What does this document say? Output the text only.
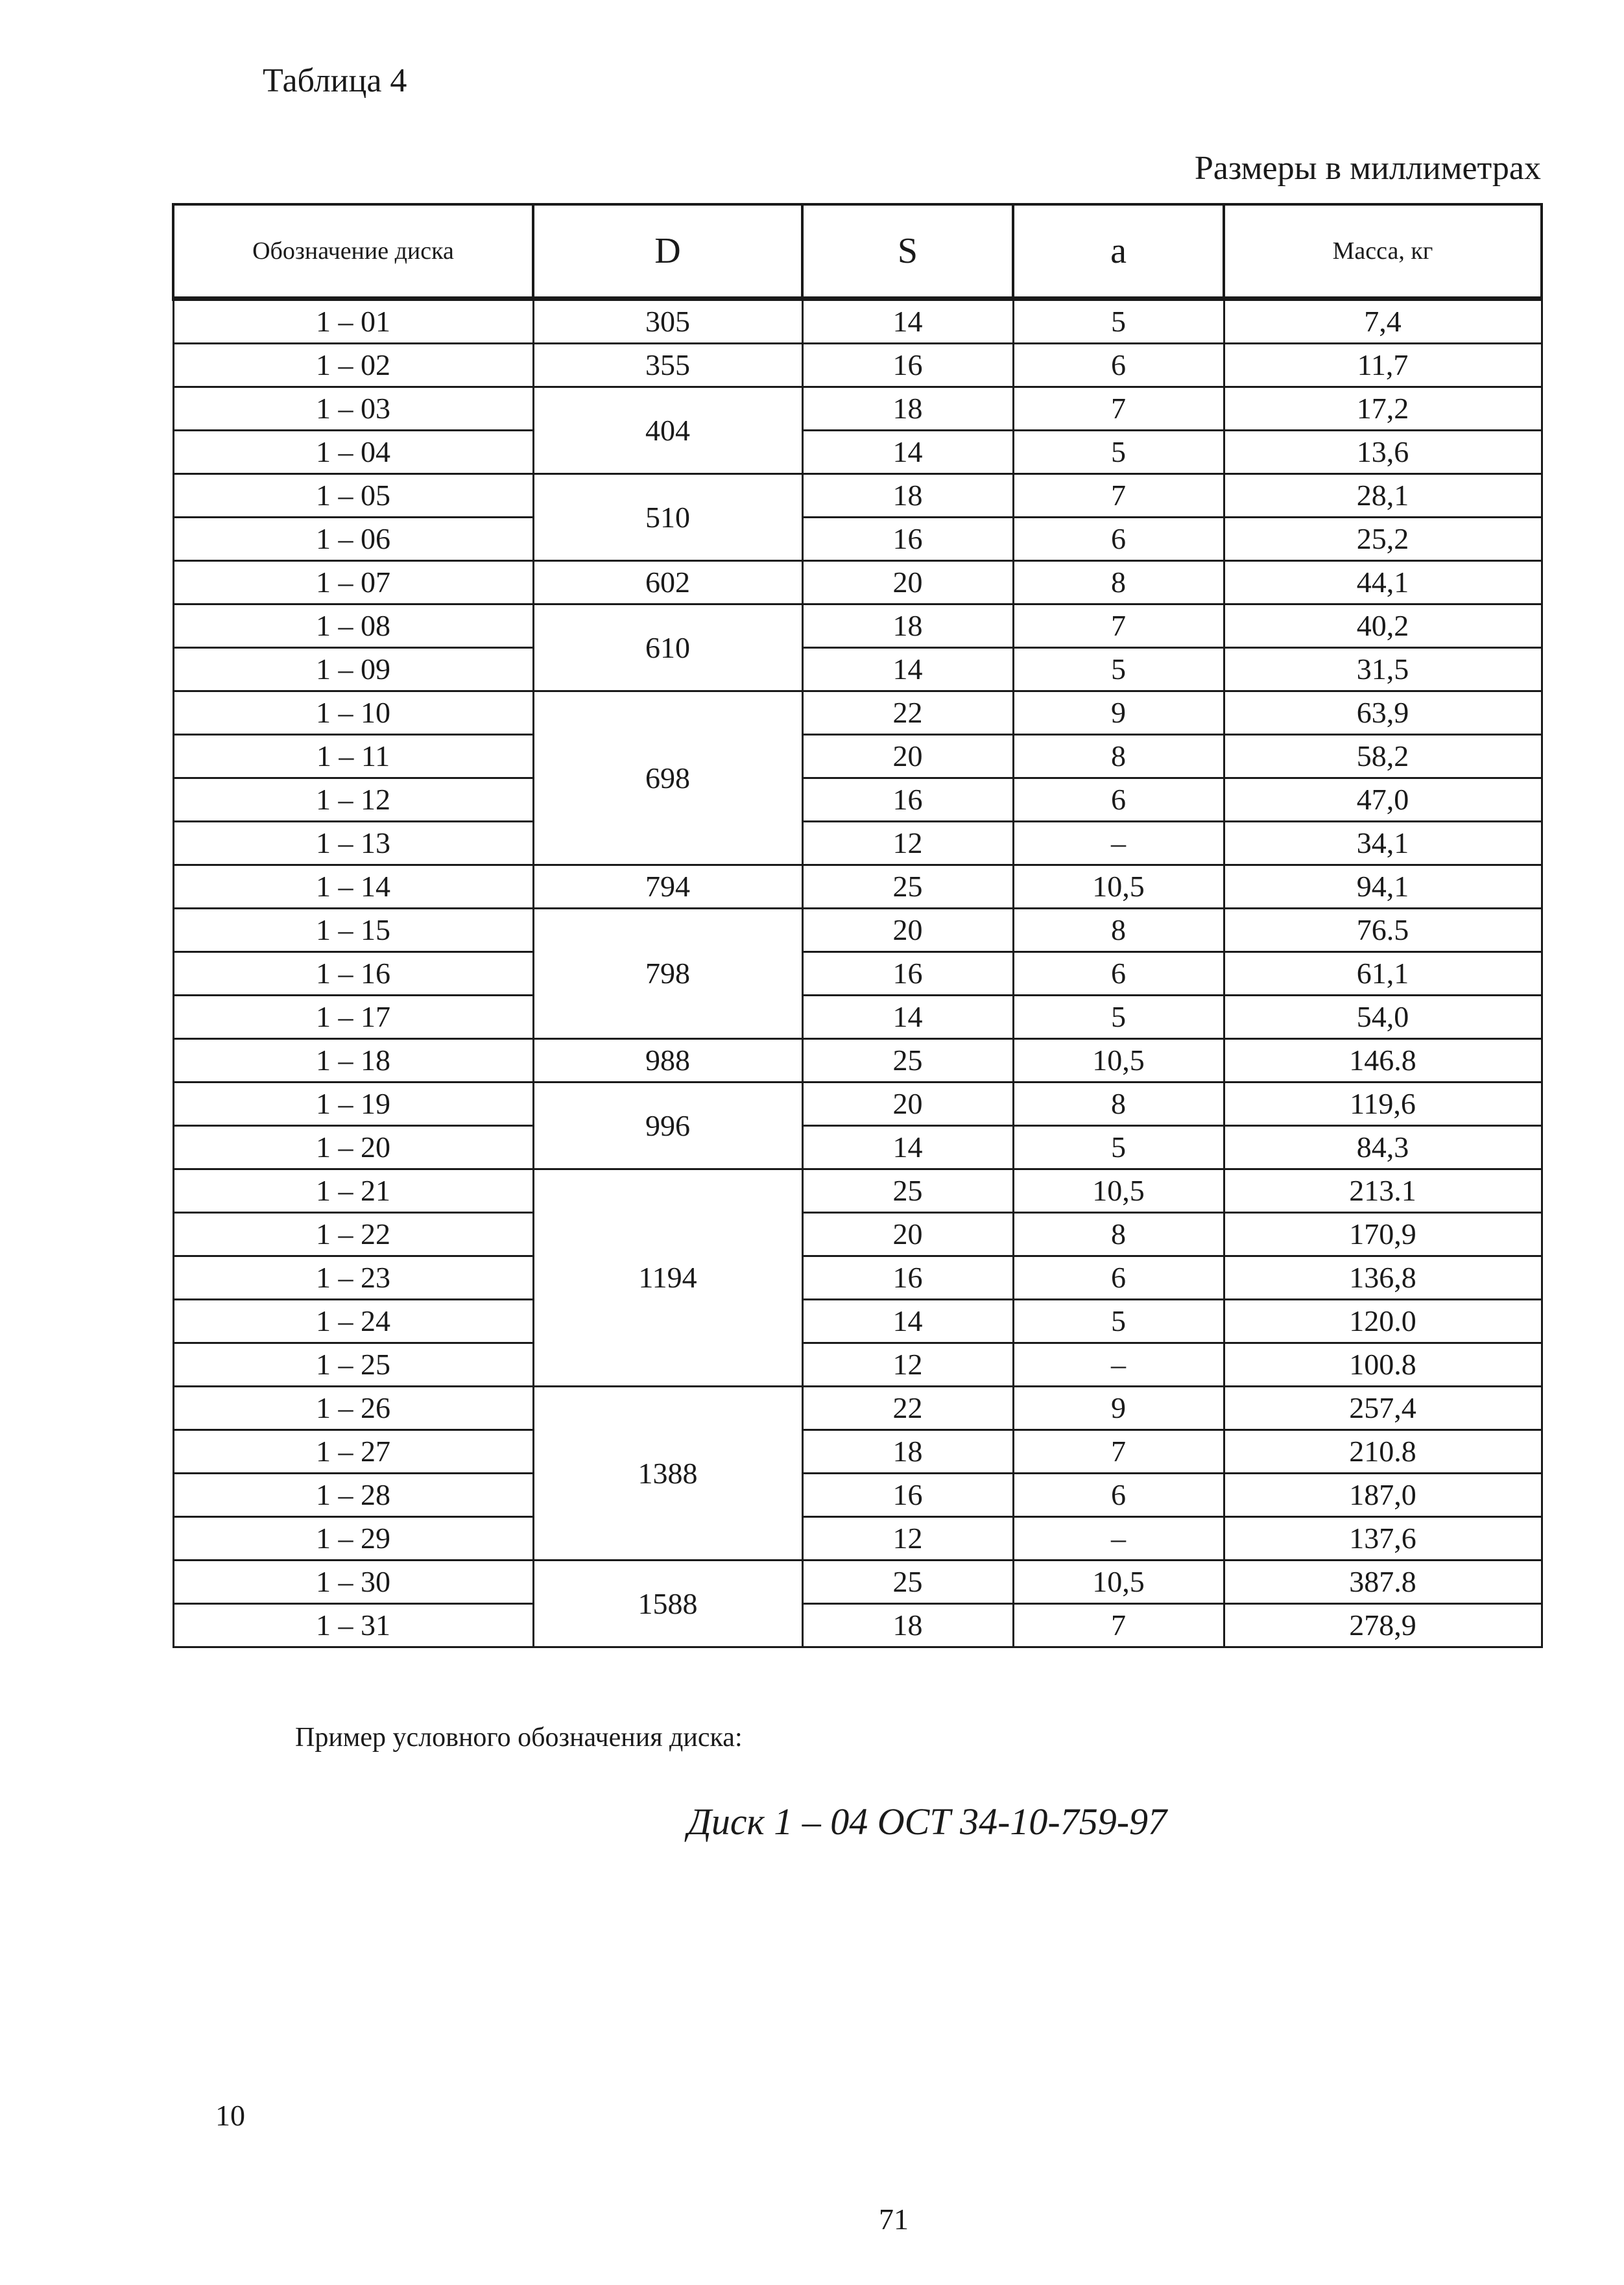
Таблица 4
Размеры в миллиметрах
Обозначение диска	D	S	a	Масса, кг
1 – 01	305	14	5	7,4
1 – 02	355	16	6	11,7
1 – 03	404	18	7	17,2
1 – 04		14	5	13,6
1 – 05	510	18	7	28,1
1 – 06		16	6	25,2
1 – 07	602	20	8	44,1
1 – 08	610	18	7	40,2
1 – 09		14	5	31,5
1 – 10	698	22	9	63,9
1 – 11		20	8	58,2
1 – 12		16	6	47,0
1 – 13		12	–	34,1
1 – 14	794	25	10,5	94,1
1 – 15	798	20	8	76.5
1 – 16		16	6	61,1
1 – 17		14	5	54,0
1 – 18	988	25	10,5	146.8
1 – 19	996	20	8	119,6
1 – 20		14	5	84,3
1 – 21	1194	25	10,5	213.1
1 – 22		20	8	170,9
1 – 23		16	6	136,8
1 – 24		14	5	120.0
1 – 25		12	–	100.8
1 – 26	1388	22	9	257,4
1 – 27		18	7	210.8
1 – 28		16	6	187,0
1 – 29		12	–	137,6
1 – 30	1588	25	10,5	387.8
1 – 31		18	7	278,9
Пример условного обозначения диска:
Диск 1 – 04 ОСТ 34-10-759-97
10
71
